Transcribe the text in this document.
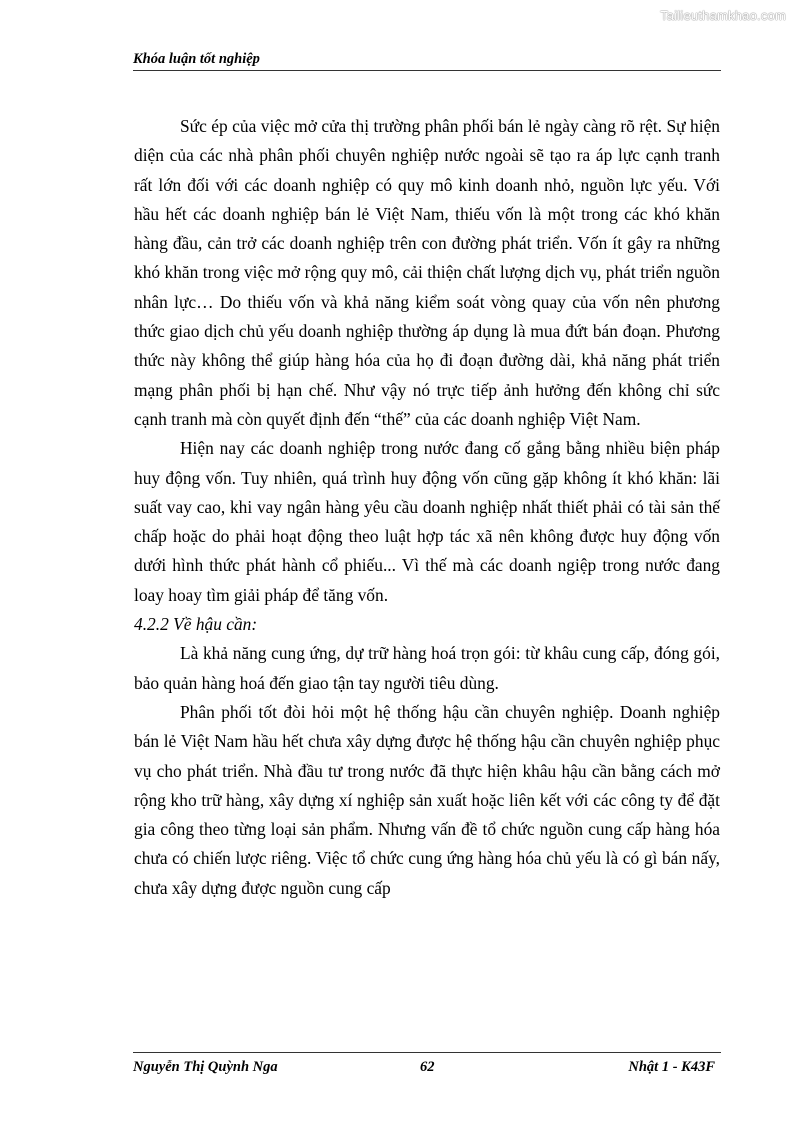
Tailieuthamkhao.com
Khóa luận tốt nghiệp

Sức ép của việc mở cửa thị trường phân phối bán lẻ ngày càng rõ rệt. Sự hiện diện của các nhà phân phối chuyên nghiệp nước ngoài sẽ tạo ra áp lực cạnh tranh rất lớn đối với các doanh nghiệp có quy mô kinh doanh nhỏ, nguồn lực yếu. Với hầu hết các doanh nghiệp bán lẻ Việt Nam, thiếu vốn là một trong các khó khăn hàng đầu, cản trở các doanh nghiệp trên con đường phát triển. Vốn ít gây ra những khó khăn trong việc mở rộng quy mô, cải thiện chất lượng dịch vụ, phát triển nguồn nhân lực… Do thiếu vốn và khả năng kiểm soát vòng quay của vốn nên phương thức giao dịch chủ yếu doanh nghiệp thường áp dụng là mua đứt bán đoạn. Phương thức này không thể giúp hàng hóa của họ đi đoạn đường dài, khả năng phát triển mạng phân phối bị hạn chế. Như vậy nó trực tiếp ảnh hưởng đến không chỉ sức cạnh tranh mà còn quyết định đến “thế” của các doanh nghiệp Việt Nam.

Hiện nay các doanh nghiệp trong nước đang cố gắng bằng nhiều biện pháp huy động vốn. Tuy nhiên, quá trình huy động vốn cũng gặp không ít khó khăn: lãi suất vay cao, khi vay ngân hàng yêu cầu doanh nghiệp nhất thiết phải có tài sản thế chấp hoặc do phải hoạt động theo luật hợp tác xã nên không được huy động vốn dưới hình thức phát hành cổ phiếu... Vì thế mà các doanh ngiệp trong nước đang loay hoay tìm giải pháp để tăng vốn.

4.2.2 Về hậu cần:

Là khả năng cung ứng, dự trữ hàng hoá trọn gói: từ khâu cung cấp, đóng gói, bảo quản hàng hoá đến giao tận tay người tiêu dùng.

Phân phối tốt đòi hỏi một hệ thống hậu cần chuyên nghiệp. Doanh nghiệp bán lẻ Việt Nam hầu hết chưa xây dựng được hệ thống hậu cần chuyên nghiệp phục vụ cho phát triển. Nhà đầu tư trong nước đã thực hiện khâu hậu cần bằng cách mở rộng kho trữ hàng, xây dựng xí nghiệp sản xuất hoặc liên kết với các công ty để đặt gia công theo từng loại sản phẩm. Nhưng vấn đề tổ chức nguồn cung cấp hàng hóa chưa có chiến lược riêng. Việc tổ chức cung ứng hàng hóa chủ yếu là có gì bán nấy, chưa xây dựng được nguồn cung cấp

Nguyễn Thị Quỳnh Nga	62	Nhật 1 - K43F
